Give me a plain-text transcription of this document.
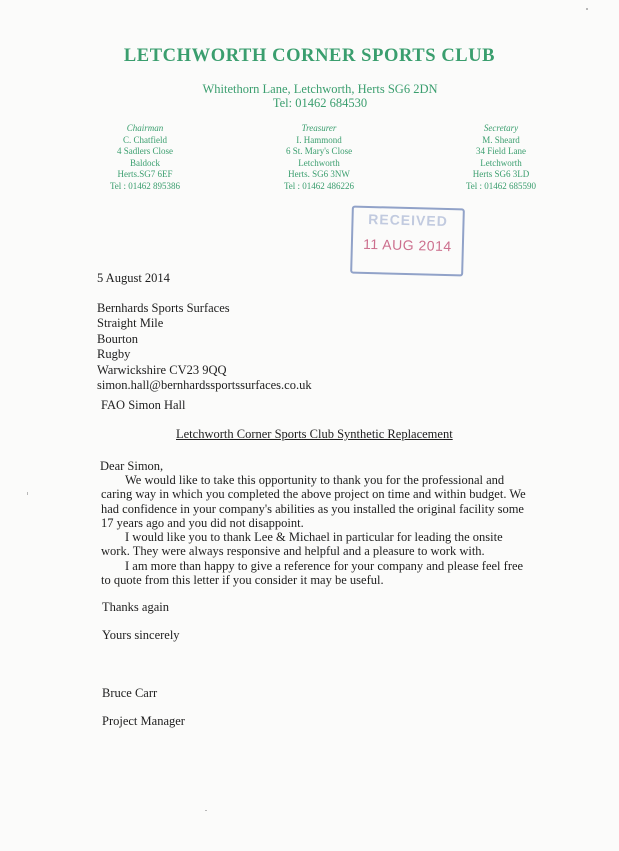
LETCHWORTH CORNER SPORTS CLUB
Whitethorn Lane, Letchworth, Herts SG6 2DN
Tel: 01462 684530
Chairman
C. Chatfield
4 Sadlers Close
Baldock
Herts.SG7 6EF
Tel : 01462 895386
Treasurer
I. Hammond
6 St. Mary's Close
Letchworth
Herts. SG6 3NW
Tel : 01462 486226
Secretary
M. Sheard
34 Field Lane
Letchworth
Herts SG6 3LD
Tel : 01462 685590
RECEIVED
11 AUG 2014
5 August 2014
Bernhards Sports Surfaces
Straight Mile
Bourton
Rugby
Warwickshire CV23 9QQ
simon.hall@bernhardssportssurfaces.co.uk
FAO Simon Hall
Letchworth Corner Sports Club Synthetic Replacement
Dear Simon,

We would like to take this opportunity to thank you for the professional and caring way in which you completed the above project on time and within budget. We had confidence in your company's abilities as you installed the original facility some 17 years ago and you did not disappoint.

I would like you to thank Lee & Michael in particular for leading the onsite work. They were always responsive and helpful and a pleasure to work with.

I am more than happy to give a reference for your company and please feel free to quote from this letter if you consider it may be useful.

Thanks again
Yours sincerely
Bruce Carr
Project Manager
